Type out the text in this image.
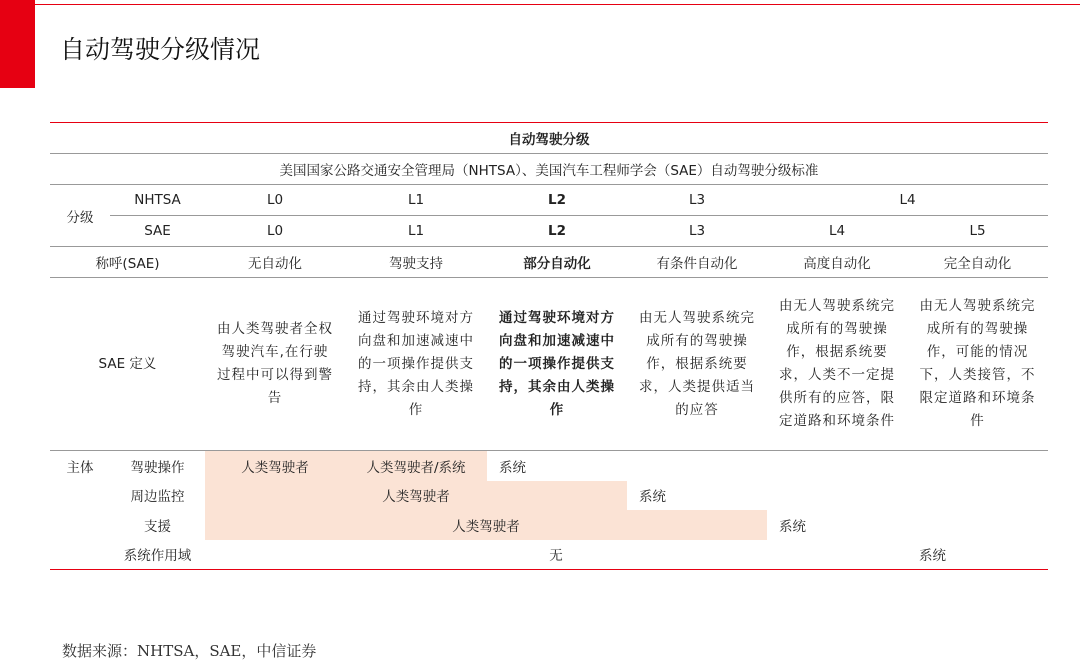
自动驾驶分级情况
自动驾驶分级							
美国国家公路交通安全管理局（NHTSA）、美国汽车工程师学会（SAE）自动驾驶分级标准							
分级	NHTSA	L0	L1	L2	L3	L4	
	SAE	L0	L1	L2	L3	L4	L5
称呼(SAE)		无自动化	驾驶支持	部分自动化	有条件自动化	高度自动化	完全自动化
SAE 定义		由人类驾驶者全权驾驶汽车,在行驶过程中可以得到警告	通过驾驶环境对方向盘和加速减速中的一项操作提供支持，其余由人类操作	通过驾驶环境对方向盘和加速减速中的一项操作提供支持，其余由人类操作	由无人驾驶系统完成所有的驾驶操作，根据系统要求，人类提供适当的应答	由无人驾驶系统完成所有的驾驶操作，根据系统要求，人类不一定提供所有的应答，限定道路和环境条件	由无人驾驶系统完成所有的驾驶操作，可能的情况下，人类接管，不限定道路和环境条件

主体	驾驶操作	人类驾驶者	人类驾驶者/系统	系统			
	周边监控	人类驾驶者			系统		
	支援	人类驾驶者				系统	
	系统作用域	无					系统
数据来源：NHTSA，SAE，中信证券
